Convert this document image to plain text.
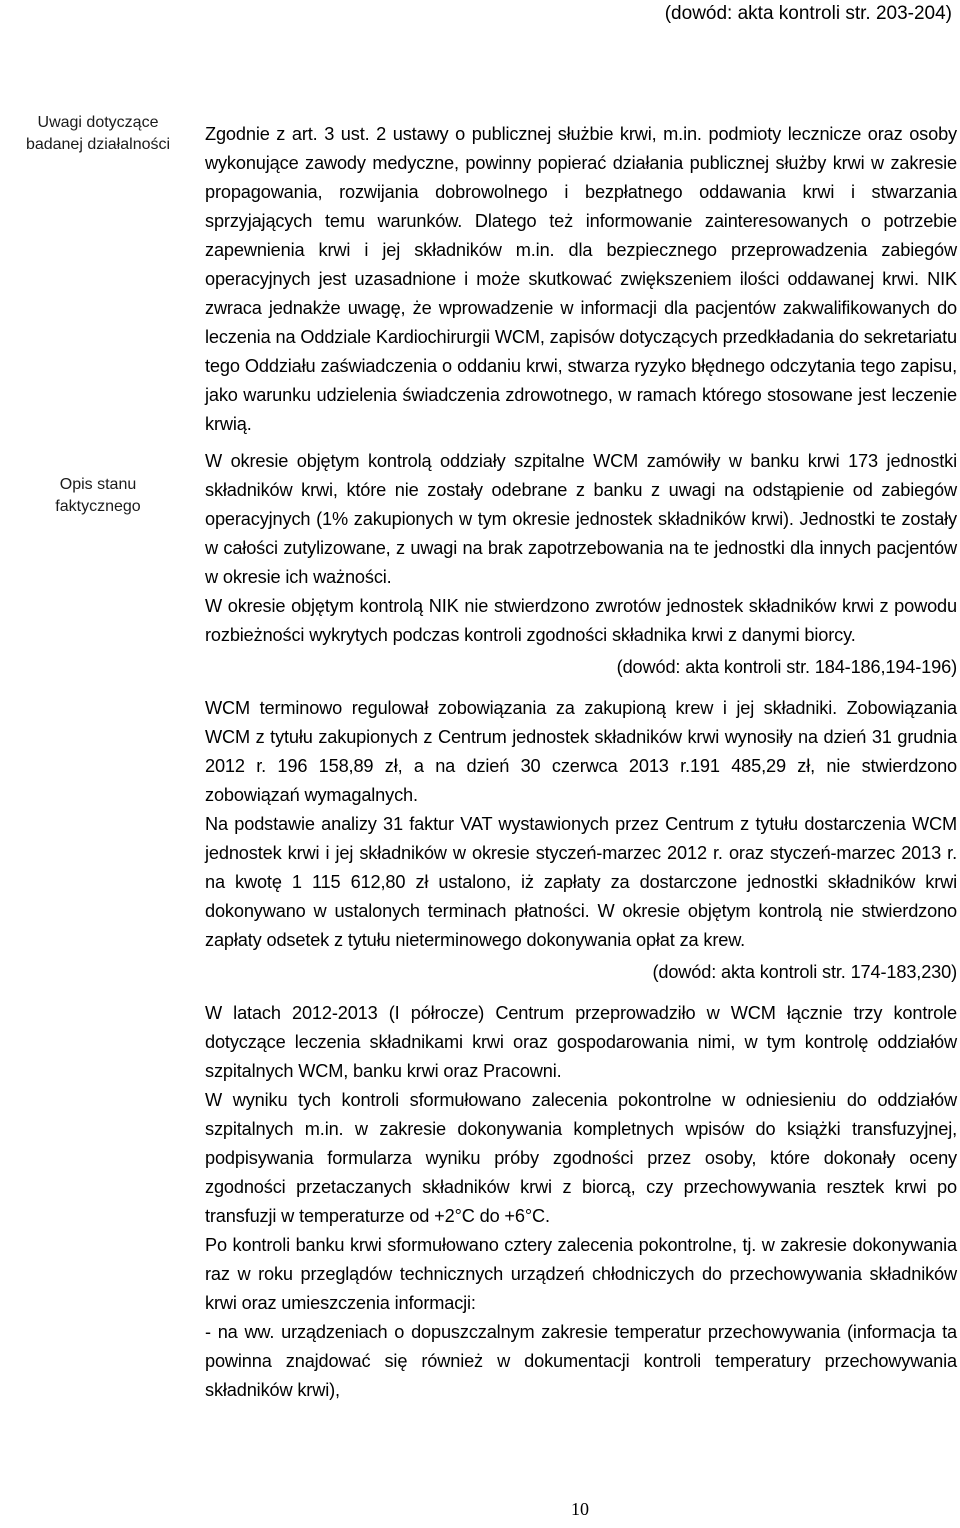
(dowód: akta kontroli str. 203-204)
Uwagi dotyczące
badanej działalności
Opis stanu
faktycznego

Zgodnie z art. 3 ust. 2 ustawy o publicznej służbie krwi, m.in. podmioty lecznicze oraz osoby wykonujące zawody medyczne, powinny popierać działania publicznej służby krwi w zakresie propagowania, rozwijania dobrowolnego i bezpłatnego oddawania krwi i stwarzania sprzyjających temu warunków. Dlatego też informowanie zainteresowanych o potrzebie zapewnienia krwi i jej składników m.in. dla bezpiecznego przeprowadzenia zabiegów operacyjnych jest uzasadnione i może skutkować zwiększeniem ilości oddawanej krwi. NIK zwraca jednakże uwagę, że wprowadzenie w informacji dla pacjentów zakwalifikowanych do leczenia na Oddziale Kardiochirurgii WCM, zapisów dotyczących przedkładania do sekretariatu tego Oddziału zaświadczenia o oddaniu krwi, stwarza ryzyko błędnego odczytania tego zapisu, jako warunku udzielenia świadczenia zdrowotnego, w ramach którego stosowane jest leczenie krwią.

W okresie objętym kontrolą oddziały szpitalne WCM zamówiły w banku krwi 173 jednostki składników krwi, które nie zostały odebrane z banku z uwagi na odstąpienie od zabiegów operacyjnych (1% zakupionych w tym okresie jednostek składników krwi). Jednostki te zostały w całości zutylizowane, z uwagi na brak zapotrzebowania na te jednostki dla innych pacjentów w okresie ich ważności.

W okresie objętym kontrolą NIK nie stwierdzono zwrotów jednostek składników krwi z powodu rozbieżności wykrytych podczas kontroli zgodności składnika krwi z danymi biorcy.

(dowód: akta kontroli str. 184-186,194-196)

WCM terminowo regulował zobowiązania za zakupioną krew i jej składniki. Zobowiązania WCM z tytułu zakupionych z Centrum jednostek składników krwi wynosiły na dzień 31 grudnia 2012 r. 196 158,89 zł, a na dzień 30 czerwca 2013 r.191 485,29 zł, nie stwierdzono zobowiązań wymagalnych.

Na podstawie analizy 31 faktur VAT wystawionych przez Centrum z tytułu dostarczenia WCM jednostek krwi i jej składników w okresie styczeń-marzec 2012 r. oraz styczeń-marzec 2013 r. na kwotę 1 115 612,80 zł ustalono, iż zapłaty za dostarczone jednostki składników krwi dokonywano w ustalonych terminach płatności. W okresie objętym kontrolą nie stwierdzono zapłaty odsetek z tytułu nieterminowego dokonywania opłat za krew.

(dowód: akta kontroli str. 174-183,230)

W latach 2012-2013 (I półrocze) Centrum przeprowadziło w WCM łącznie trzy kontrole dotyczące leczenia składnikami krwi oraz gospodarowania nimi, w tym kontrolę oddziałów szpitalnych WCM, banku krwi oraz Pracowni.

W wyniku tych kontroli sformułowano zalecenia pokontrolne w odniesieniu do oddziałów szpitalnych m.in. w zakresie dokonywania kompletnych wpisów do książki transfuzyjnej, podpisywania formularza wyniku próby zgodności przez osoby, które dokonały oceny zgodności przetaczanych składników krwi z biorcą, czy przechowywania resztek krwi po transfuzji w temperaturze od +2°C do +6°C.

Po kontroli banku krwi sformułowano cztery zalecenia pokontrolne, tj. w zakresie dokonywania raz w roku przeglądów technicznych urządzeń chłodniczych do przechowywania składników krwi oraz umieszczenia informacji:

- na ww. urządzeniach o dopuszczalnym zakresie temperatur przechowywania (informacja ta powinna znajdować się również w dokumentacji kontroli temperatury przechowywania składników krwi),

10
